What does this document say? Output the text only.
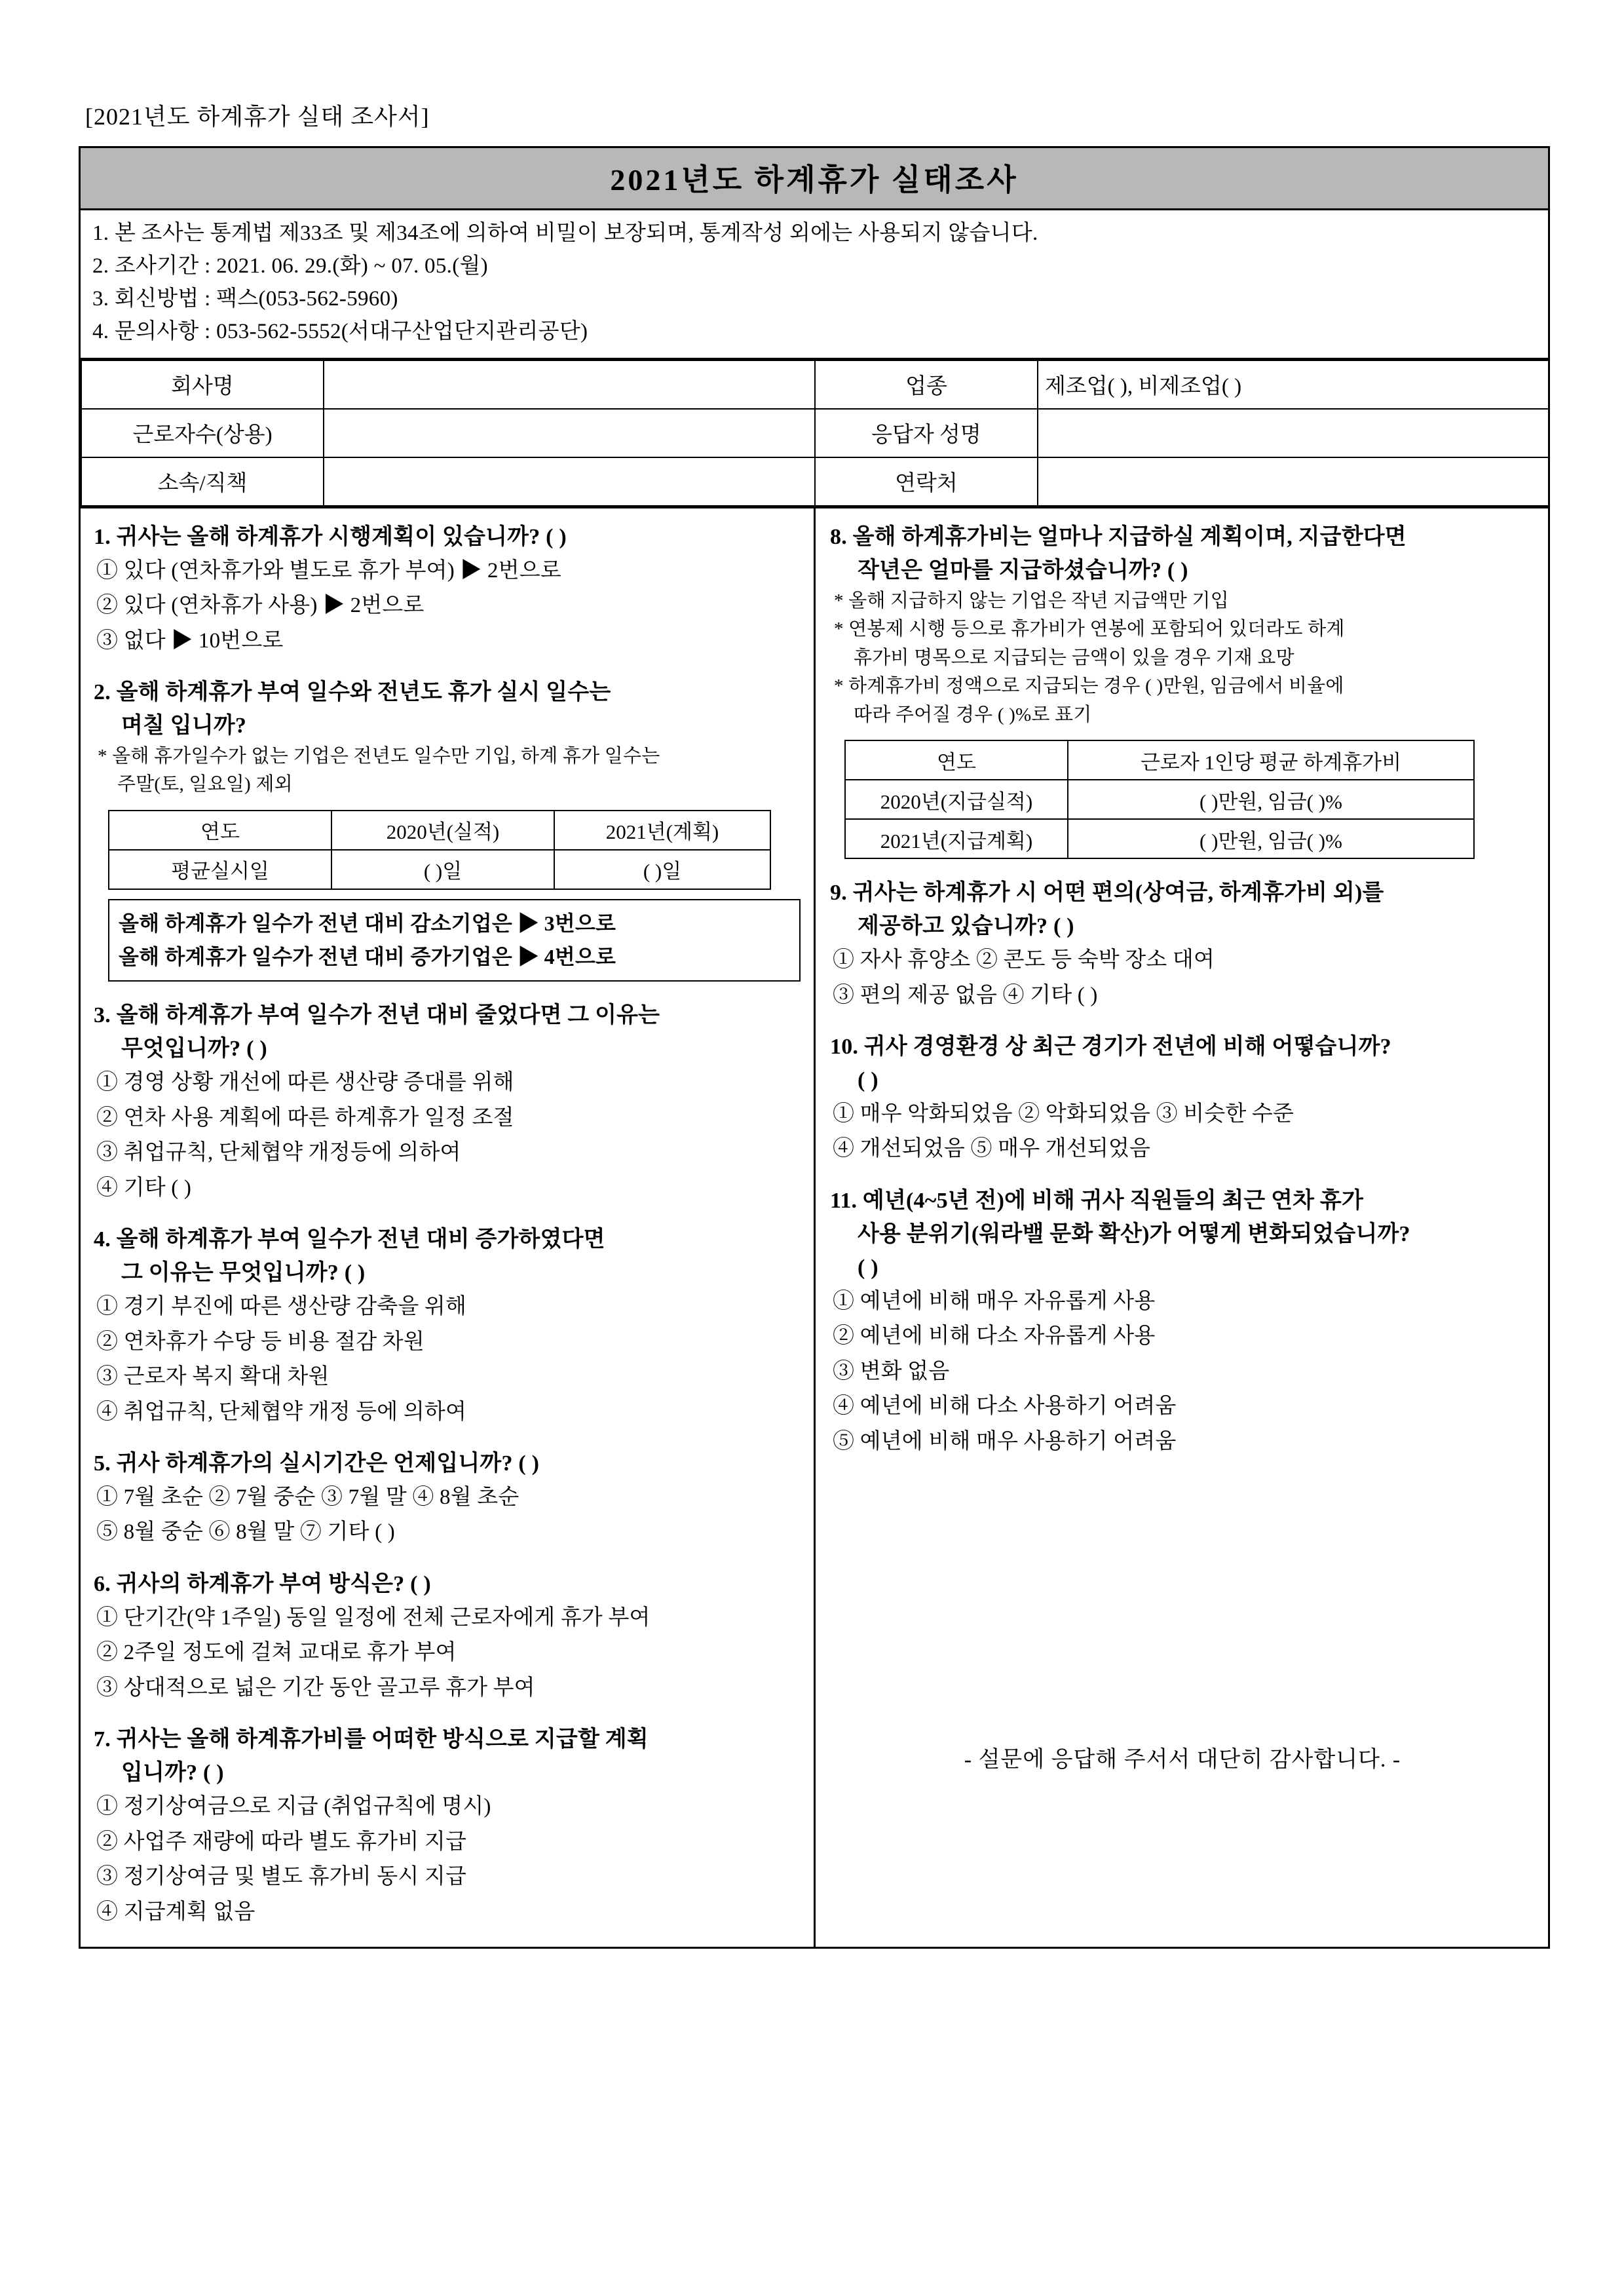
[2021년도 하계휴가 실태 조사서]
2021년도 하계휴가 실태조사
1. 본 조사는 통계법 제33조 및 제34조에 의하여 비밀이 보장되며, 통계작성 외에는 사용되지 않습니다.
2. 조사기간 : 2021. 06. 29.(화) ~ 07. 05.(월)
3. 회신방법 : 팩스(053-562-5960)
4. 문의사항 : 053-562-5552(서대구산업단지관리공단)
회사명		업종	제조업( ), 비제조업( )
근로자수(상용)		응답자 성명	
소속/직책		연락처	
1. 귀사는 올해 하계휴가 시행계획이 있습니까? ( )
① 있다 (연차휴가와 별도로 휴가 부여) ▶ 2번으로
② 있다 (연차휴가 사용) ▶ 2번으로
③ 없다 ▶ 10번으로
2. 올해 하계휴가 부여 일수와 전년도 휴가 실시 일수는
며칠 입니까?
* 올해 휴가일수가 없는 기업은 전년도 일수만 기입, 하계 휴가 일수는
주말(토, 일요일) 제외
연도	2020년(실적)	2021년(계획)
평균실시일	( )일	( )일
올해 하계휴가 일수가 전년 대비 감소기업은 ▶ 3번으로
올해 하계휴가 일수가 전년 대비 증가기업은 ▶ 4번으로
3. 올해 하계휴가 부여 일수가 전년 대비 줄었다면 그 이유는
무엇입니까? ( )
① 경영 상황 개선에 따른 생산량 증대를 위해
② 연차 사용 계획에 따른 하계휴가 일정 조절
③ 취업규칙, 단체협약 개정등에 의하여
④ 기타 ( )
4. 올해 하계휴가 부여 일수가 전년 대비 증가하였다면
그 이유는 무엇입니까? ( )
① 경기 부진에 따른 생산량 감축을 위해
② 연차휴가 수당 등 비용 절감 차원
③ 근로자 복지 확대 차원
④ 취업규칙, 단체협약 개정 등에 의하여
5. 귀사 하계휴가의 실시기간은 언제입니까? ( )
① 7월 초순 ② 7월 중순 ③ 7월 말 ④ 8월 초순
⑤ 8월 중순 ⑥ 8월 말 ⑦ 기타 ( )
6. 귀사의 하계휴가 부여 방식은? ( )
① 단기간(약 1주일) 동일 일정에 전체 근로자에게 휴가 부여
② 2주일 정도에 걸쳐 교대로 휴가 부여
③ 상대적으로 넓은 기간 동안 골고루 휴가 부여
7. 귀사는 올해 하계휴가비를 어떠한 방식으로 지급할 계획
입니까? ( )
① 정기상여금으로 지급 (취업규칙에 명시)
② 사업주 재량에 따라 별도 휴가비 지급
③ 정기상여금 및 별도 휴가비 동시 지급
④ 지급계획 없음
8. 올해 하계휴가비는 얼마나 지급하실 계획이며, 지급한다면
작년은 얼마를 지급하셨습니까? ( )
* 올해 지급하지 않는 기업은 작년 지급액만 기입
* 연봉제 시행 등으로 휴가비가 연봉에 포함되어 있더라도 하계
휴가비 명목으로 지급되는 금액이 있을 경우 기재 요망
* 하계휴가비 정액으로 지급되는 경우 ( )만원, 임금에서 비율에
따라 주어질 경우 ( )%로 표기
연도	근로자 1인당 평균 하계휴가비
2020년(지급실적)	( )만원, 임금( )%
2021년(지급계획)	( )만원, 임금( )%
9. 귀사는 하계휴가 시 어떤 편의(상여금, 하계휴가비 외)를
제공하고 있습니까? ( )
① 자사 휴양소 ② 콘도 등 숙박 장소 대여
③ 편의 제공 없음 ④ 기타 ( )
10. 귀사 경영환경 상 최근 경기가 전년에 비해 어떻습니까?
( )
① 매우 악화되었음 ② 악화되었음 ③ 비슷한 수준
④ 개선되었음 ⑤ 매우 개선되었음
11. 예년(4~5년 전)에 비해 귀사 직원들의 최근 연차 휴가
사용 분위기(워라밸 문화 확산)가 어떻게 변화되었습니까?
( )
① 예년에 비해 매우 자유롭게 사용
② 예년에 비해 다소 자유롭게 사용
③ 변화 없음
④ 예년에 비해 다소 사용하기 어려움
⑤ 예년에 비해 매우 사용하기 어려움
- 설문에 응답해 주서서 대단히 감사합니다. -
